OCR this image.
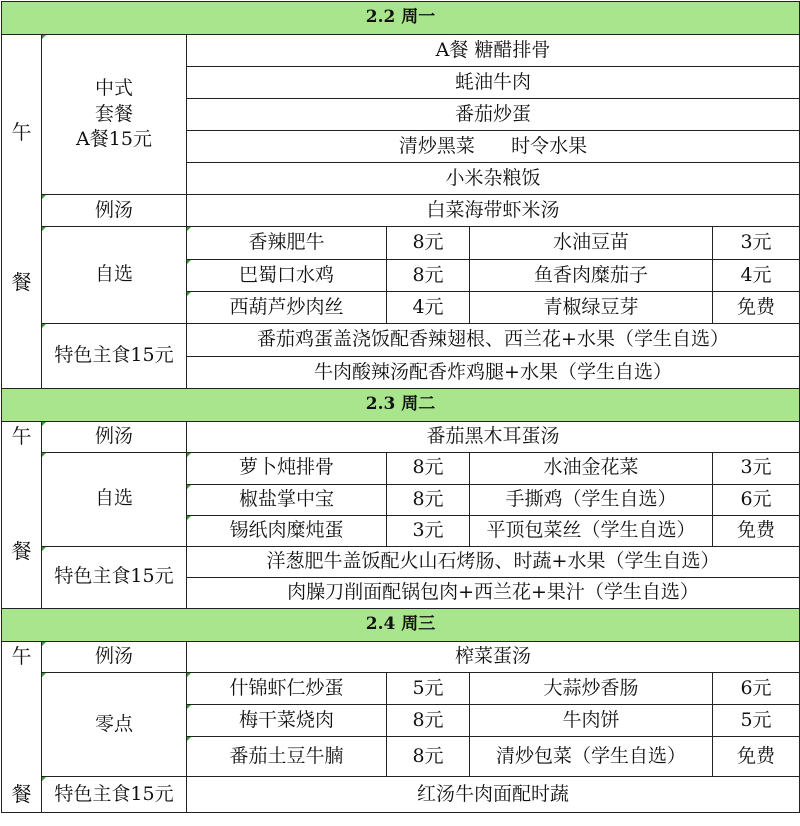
2.2 周一					

午
餐	中式
套餐
A餐15元	A餐 糖醋排骨			
		蚝油牛肉			
		番茄炒蛋			
		清炒黑菜      时令水果			
		小米杂粮饭			
	例汤	白菜海带虾米汤			
	自选	香辣肥牛	8元	水油豆苗	3元
		巴蜀口水鸡	8元	鱼香肉糜茄子	4元
		西葫芦炒肉丝	4元	青椒绿豆芽	免费
	特色主食15元	番茄鸡蛋盖浇饭配香辣翅根、西兰花+水果（学生自选）			
		牛肉酸辣汤配香炸鸡腿+水果（学生自选）			

2.3 周二					

午
餐	例汤	番茄黑木耳蛋汤			
	自选	萝卜炖排骨	8元	水油金花菜	3元
		椒盐掌中宝	8元	手撕鸡（学生自选）	6元
		锡纸肉糜炖蛋	3元	平顶包菜丝（学生自选）	免费
	特色主食15元	洋葱肥牛盖饭配火山石烤肠、时蔬+水果（学生自选）			
		肉臊刀削面配锅包肉+西兰花+果汁（学生自选）			
2.4 周三					

午
餐	例汤	榨菜蛋汤			
	零点	什锦虾仁炒蛋	5元	大蒜炒香肠	6元
		梅干菜烧肉	8元	牛肉饼	5元
		番茄土豆牛腩	8元	清炒包菜（学生自选）	免费
	特色主食15元	红汤牛肉面配时蔬			
